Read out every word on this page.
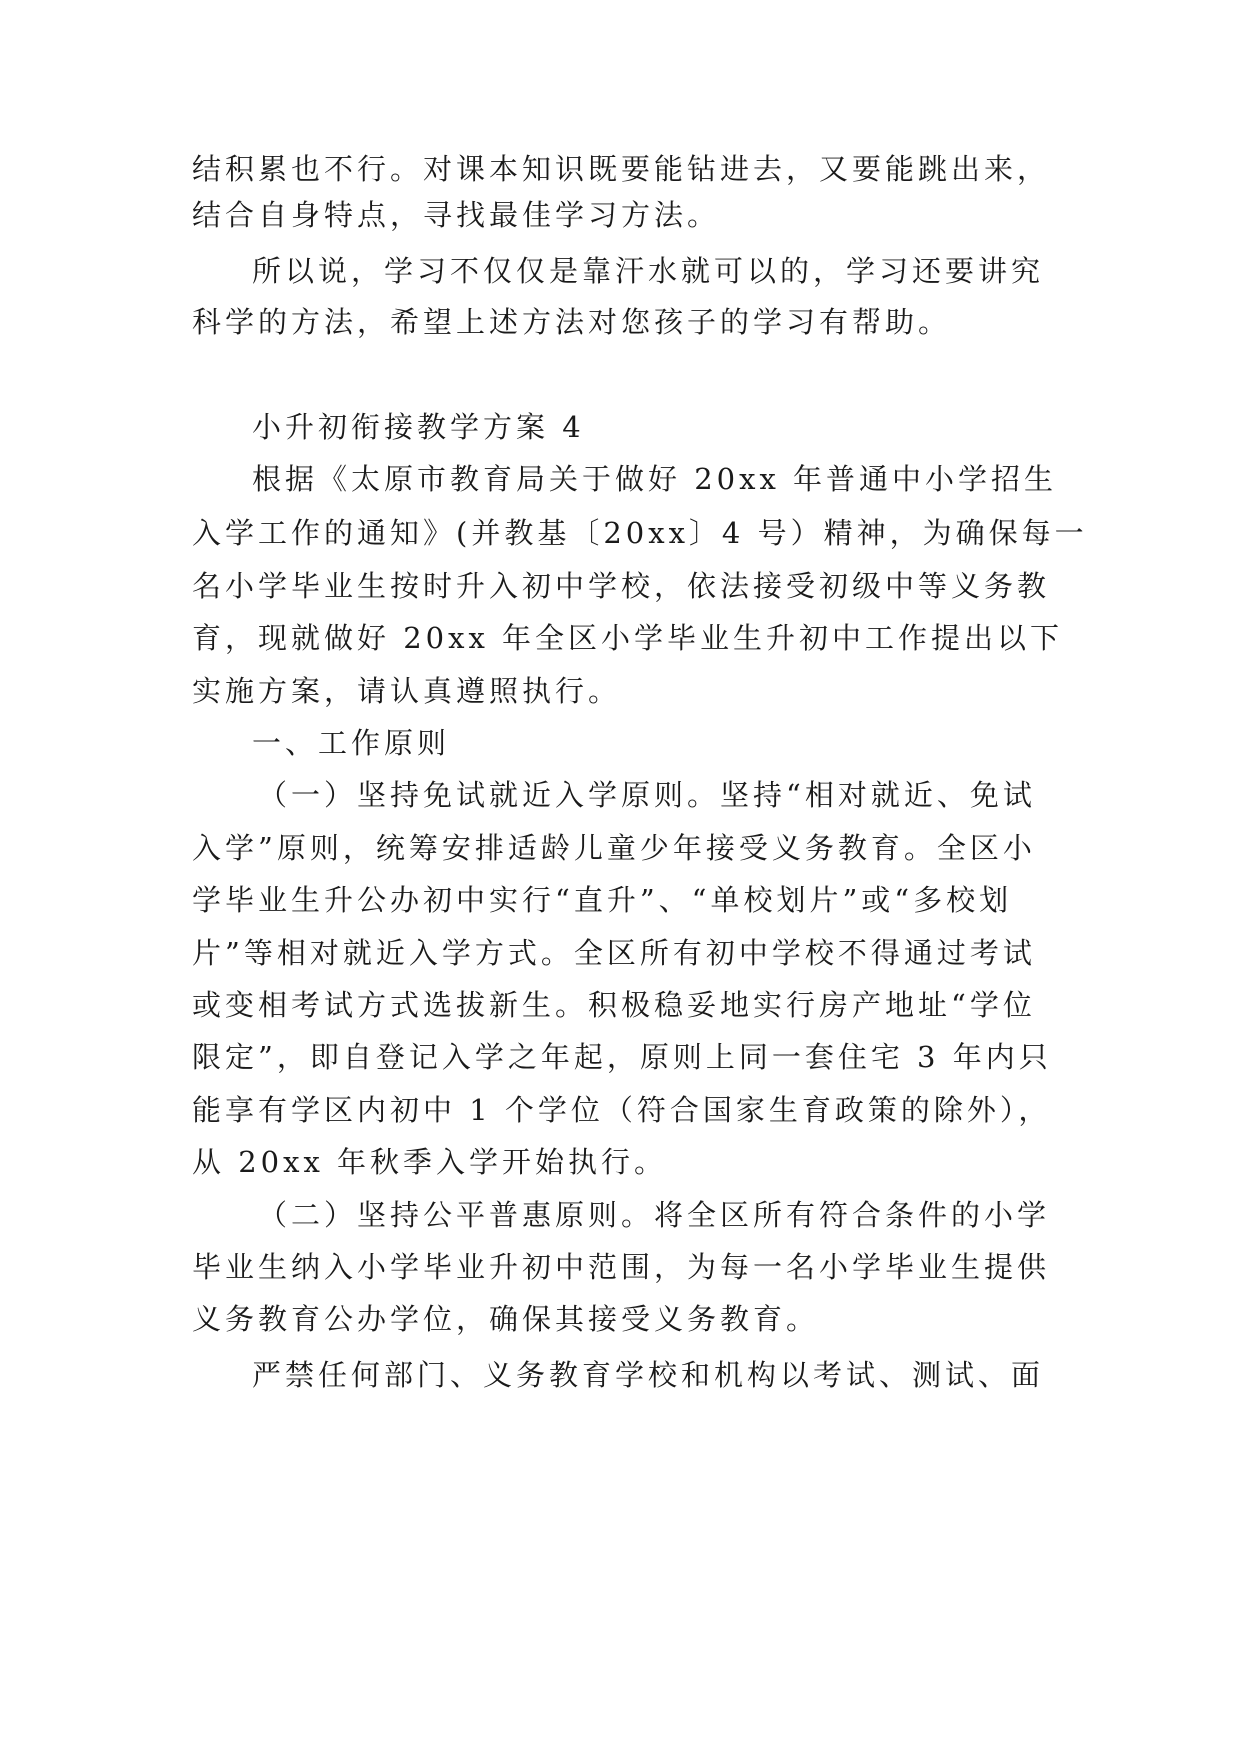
结积累也不行。对课本知识既要能钻进去，又要能跳出来，
结合自身特点，寻找最佳学习方法。
所以说，学习不仅仅是靠汗水就可以的，学习还要讲究
科学的方法，希望上述方法对您孩子的学习有帮助。
小升初衔接教学方案 4
根据《太原市教育局关于做好 20xx 年普通中小学招生
入学工作的通知》(并教基〔20xx〕4 号）精神，为确保每一
名小学毕业生按时升入初中学校，依法接受初级中等义务教
育，现就做好 20xx 年全区小学毕业生升初中工作提出以下
实施方案，请认真遵照执行。
一、工作原则
（一）坚持免试就近入学原则。坚持“相对就近、免试
入学”原则，统筹安排适龄儿童少年接受义务教育。全区小
学毕业生升公办初中实行“直升”、“单校划片”或“多校划
片”等相对就近入学方式。全区所有初中学校不得通过考试
或变相考试方式选拔新生。积极稳妥地实行房产地址“学位
限定”，即自登记入学之年起，原则上同一套住宅 3 年内只
能享有学区内初中 1 个学位（符合国家生育政策的除外），
从 20xx 年秋季入学开始执行。
（二）坚持公平普惠原则。将全区所有符合条件的小学
毕业生纳入小学毕业升初中范围，为每一名小学毕业生提供
义务教育公办学位，确保其接受义务教育。
严禁任何部门、义务教育学校和机构以考试、测试、面
